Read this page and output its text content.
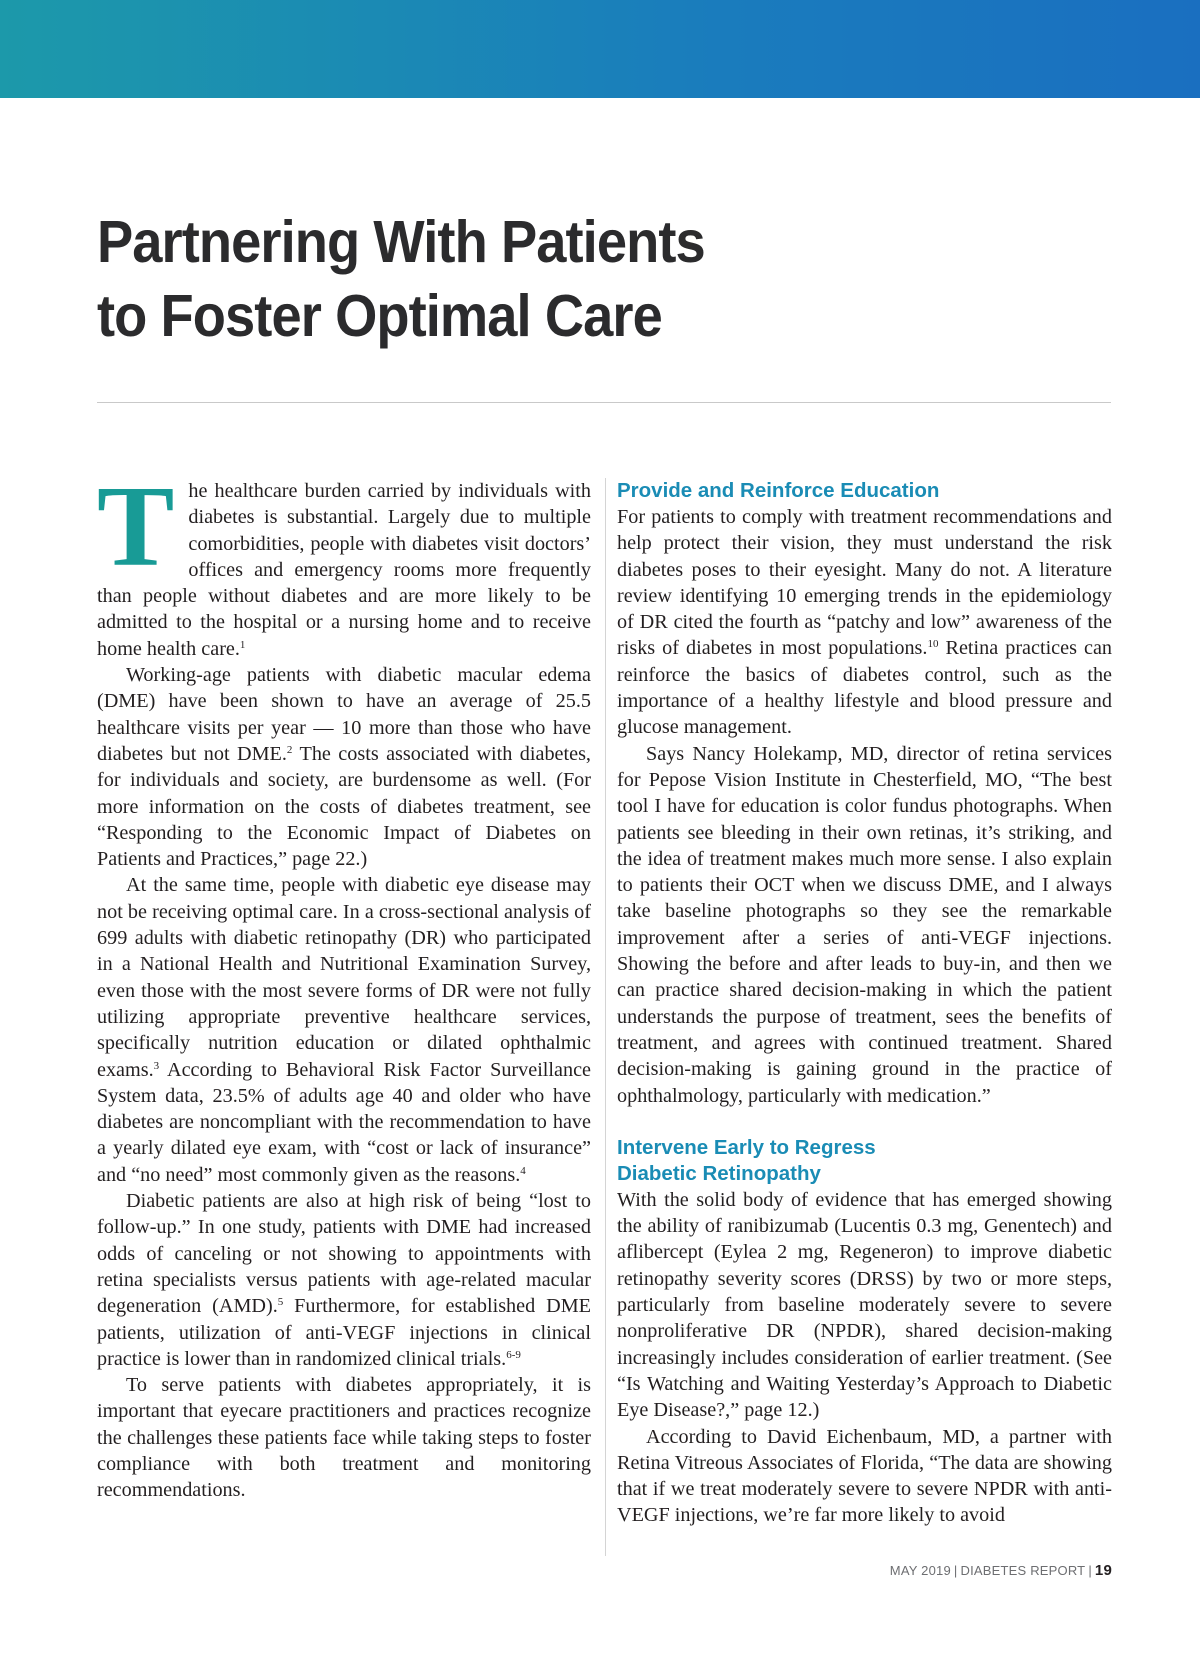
Partnering With Patients
to Foster Optimal Care

The healthcare burden carried by individuals with diabetes is substantial. Largely due to multiple comorbidities, people with diabetes visit doctors’ offices and emergency rooms more frequently than people without diabetes and are more likely to be admitted to the hospital or a nursing home and to receive home health care.$^1$

Working-age patients with diabetic macular edema (DME) have been shown to have an average of 25.5 healthcare visits per year — 10 more than those who have diabetes but not DME.$^2$ The costs associated with diabetes, for individuals and society, are burdensome as well. (For more information on the costs of diabetes treatment, see “Responding to the Economic Impact of Diabetes on Patients and Practices,” page 22.)

At the same time, people with diabetic eye disease may not be receiving optimal care. In a cross-sectional analysis of 699 adults with diabetic retinopathy (DR) who participated in a National Health and Nutritional Examination Survey, even those with the most severe forms of DR were not fully utilizing appropriate preventive healthcare services, specifically nutrition education or dilated ophthalmic exams.$^3$ According to Behavioral Risk Factor Surveillance System data, 23.5% of adults age 40 and older who have diabetes are noncompliant with the recommendation to have a yearly dilated eye exam, with “cost or lack of insurance” and “no need” most commonly given as the reasons.$^4$

Diabetic patients are also at high risk of being “lost to follow-up.” In one study, patients with DME had increased odds of canceling or not showing to appointments with retina specialists versus patients with age-related macular degeneration (AMD).$^5$ Furthermore, for established DME patients, utilization of anti-VEGF injections in clinical practice is lower than in randomized clinical trials.$^{6-9}$

To serve patients with diabetes appropriately, it is important that eyecare practitioners and practices recognize the challenges these patients face while taking steps to foster compliance with both treatment and monitoring recommendations.

Provide and Reinforce Education

For patients to comply with treatment recommendations and help protect their vision, they must understand the risk diabetes poses to their eyesight. Many do not. A literature review identifying 10 emerging trends in the epidemiology of DR cited the fourth as “patchy and low” awareness of the risks of diabetes in most populations.$^{10}$ Retina practices can reinforce the basics of diabetes control, such as the importance of a healthy lifestyle and blood pressure and glucose management.

Says Nancy Holekamp, MD, director of retina services for Pepose Vision Institute in Chesterfield, MO, “The best tool I have for education is color fundus photographs. When patients see bleeding in their own retinas, it’s striking, and the idea of treatment makes much more sense. I also explain to patients their OCT when we discuss DME, and I always take baseline photographs so they see the remarkable improvement after a series of anti-VEGF injections. Showing the before and after leads to buy-in, and then we can practice shared decision-making in which the patient understands the purpose of treatment, sees the benefits of treatment, and agrees with continued treatment. Shared decision-making is gaining ground in the practice of ophthalmology, particularly with medication.”

Intervene Early to Regress
Diabetic Retinopathy

With the solid body of evidence that has emerged showing the ability of ranibizumab (Lucentis 0.3 mg, Genentech) and aflibercept (Eylea 2 mg, Regeneron) to improve diabetic retinopathy severity scores (DRSS) by two or more steps, particularly from baseline moderately severe to severe nonproliferative DR (NPDR), shared decision-making increasingly includes consideration of earlier treatment. (See “Is Watching and Waiting Yesterday’s Approach to Diabetic Eye Disease?,” page 12.)

According to David Eichenbaum, MD, a partner with Retina Vitreous Associates of Florida, “The data are showing that if we treat moderately severe to severe NPDR with anti-VEGF injections, we’re far more likely to avoid

MAY 2019 | DIABETES REPORT | 19
